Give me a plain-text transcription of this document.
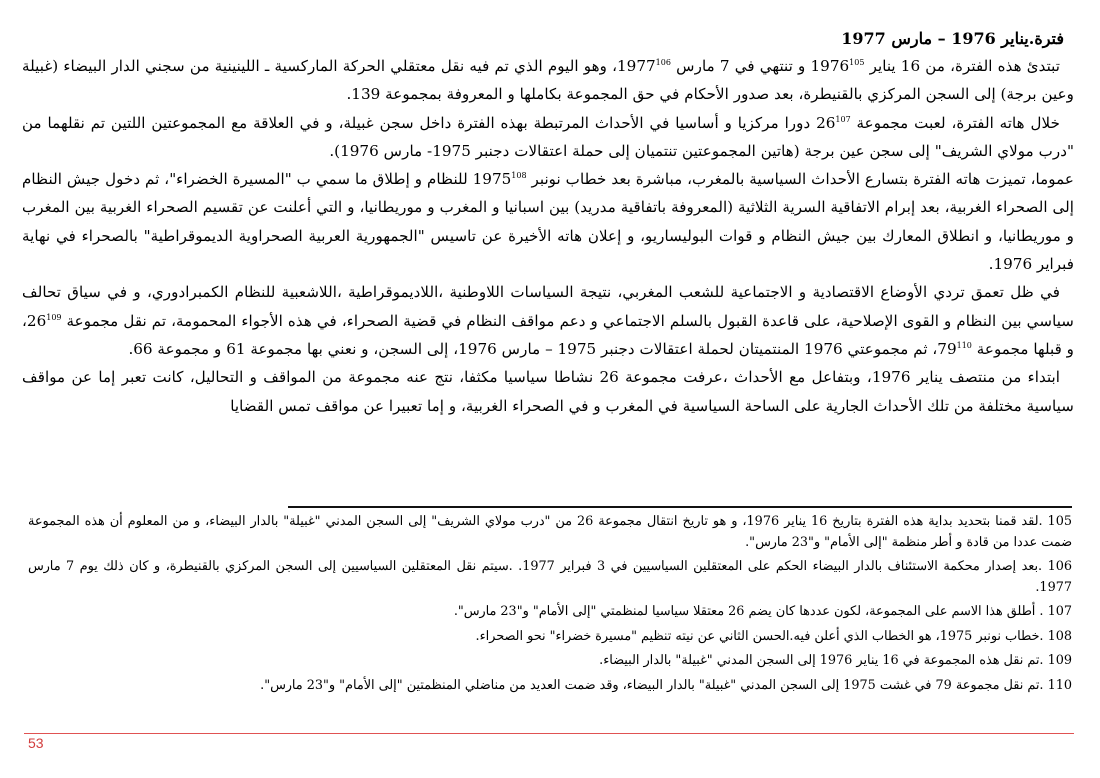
فترة.يناير 1976 – مارس 1977

تبتدئ هذه الفترة، من 16 يناير 1976$^{105}$ و تنتهي في 7 مارس 1977$^{106}$، وهو اليوم الذي تم فيه نقل معتقلي الحركة الماركسية ـ اللينينية من سجني الدار البيضاء (غبيلة وعين برجة) إلى السجن المركزي بالقنيطرة، بعد صدور الأحكام في حق المجموعة بكاملها و المعروفة بمجموعة 139.

خلال هاته الفترة، لعبت مجموعة $26^{107}$ دورا مركزيا و أساسيا في الأحداث المرتبطة بهذه الفترة داخل سجن غبيلة، و في العلاقة مع المجموعتين اللتين تم نقلهما من "درب مولاي الشريف" إلى سجن عين برجة (هاتين المجموعتين تنتميان إلى حملة اعتقالات دجنبر 1975- مارس 1976).

عموما، تميزت هاته الفترة بتسارع الأحداث السياسية بالمغرب، مباشرة بعد خطاب نونبر 1975$^{108}$ للنظام و إطلاق ما سمي ب "المسيرة الخضراء"، ثم دخول جيش النظام إلى الصحراء الغربية، بعد إبرام الاتفاقية السرية الثلاثية (المعروفة باتفاقية مدريد) بين اسبانيا و المغرب و موريطانيا، و التي أعلنت عن تقسيم الصحراء الغربية بين المغرب و موريطانيا، و انطلاق المعارك بين جيش النظام و قوات البوليساريو، و إعلان هاته الأخيرة عن تاسيس "الجمهورية العربية الصحراوية الديموقراطية" بالصحراء في نهاية فبراير 1976.

في ظل تعمق تردي الأوضاع الاقتصادية و الاجتماعية للشعب المغربي، نتيجة السياسات اللاوطنية ،اللاديموقراطية ،اللاشعبية للنظام الكمبرادوري، و في سياق تحالف سياسي بين النظام و القوى الإصلاحية، على قاعدة القبول بالسلم الاجتماعي و دعم مواقف النظام في قضية الصحراء، في هذه الأجواء المحمومة، تم نقل مجموعة $26^{109}،$ و قبلها مجموعة $79^{110}،$ ثم مجموعتي 1976 المنتميتان لحملة اعتقالات دجنبر 1975 – مارس 1976، إلى السجن، و نعني بها مجموعة 61 و مجموعة 66.

ابتداء من منتصف يناير 1976، وبتفاعل مع الأحداث ،عرفت مجموعة 26 نشاطا سياسيا مكثفا، نتج عنه مجموعة من المواقف و التحاليل، كانت تعبر إما عن مواقف سياسية مختلفة من تلك الأحداث الجارية على الساحة السياسية في المغرب و في الصحراء الغربية، و إما تعبيرا عن مواقف تمس القضايا

105 .لقد قمنا بتحديد بداية هذه الفترة بتاريخ 16 يناير 1976، و هو تاريخ انتقال مجموعة 26 من "درب مولاي الشريف" إلى السجن المدني "غبيلة" بالدار البيضاء، و من المعلوم أن هذه المجموعة ضمت عددا من قادة و أطر منظمة "إلى الأمام" و"23 مارس".

106 .بعد إصدار محكمة الاستئناف بالدار البيضاء الحكم على المعتقلين السياسيين في 3 فبراير 1977. .سيتم نقل المعتقلين السياسيين إلى السجن المركزي بالقنيطرة، و كان ذلك يوم 7 مارس 1977.

107 . أطلق هذا الاسم على المجموعة، لكون عددها كان يضم 26 معتقلا سياسيا لمنظمتي "إلى الأمام" و"23 مارس".

108 .خطاب نونبر 1975، هو الخطاب الذي أعلن فيه.الحسن الثاني عن نيته تنظيم "مسيرة خضراء" نحو الصحراء.

109 .تم نقل هذه المجموعة في 16 يناير 1976 إلى السجن المدني "غبيلة" بالدار البيضاء.

110 .تم نقل مجموعة 79 في غشت 1975 إلى السجن المدني "غبيلة" بالدار البيضاء، وقد ضمت العديد من مناضلي المنظمتين "إلى الأمام" و"23 مارس".

53
